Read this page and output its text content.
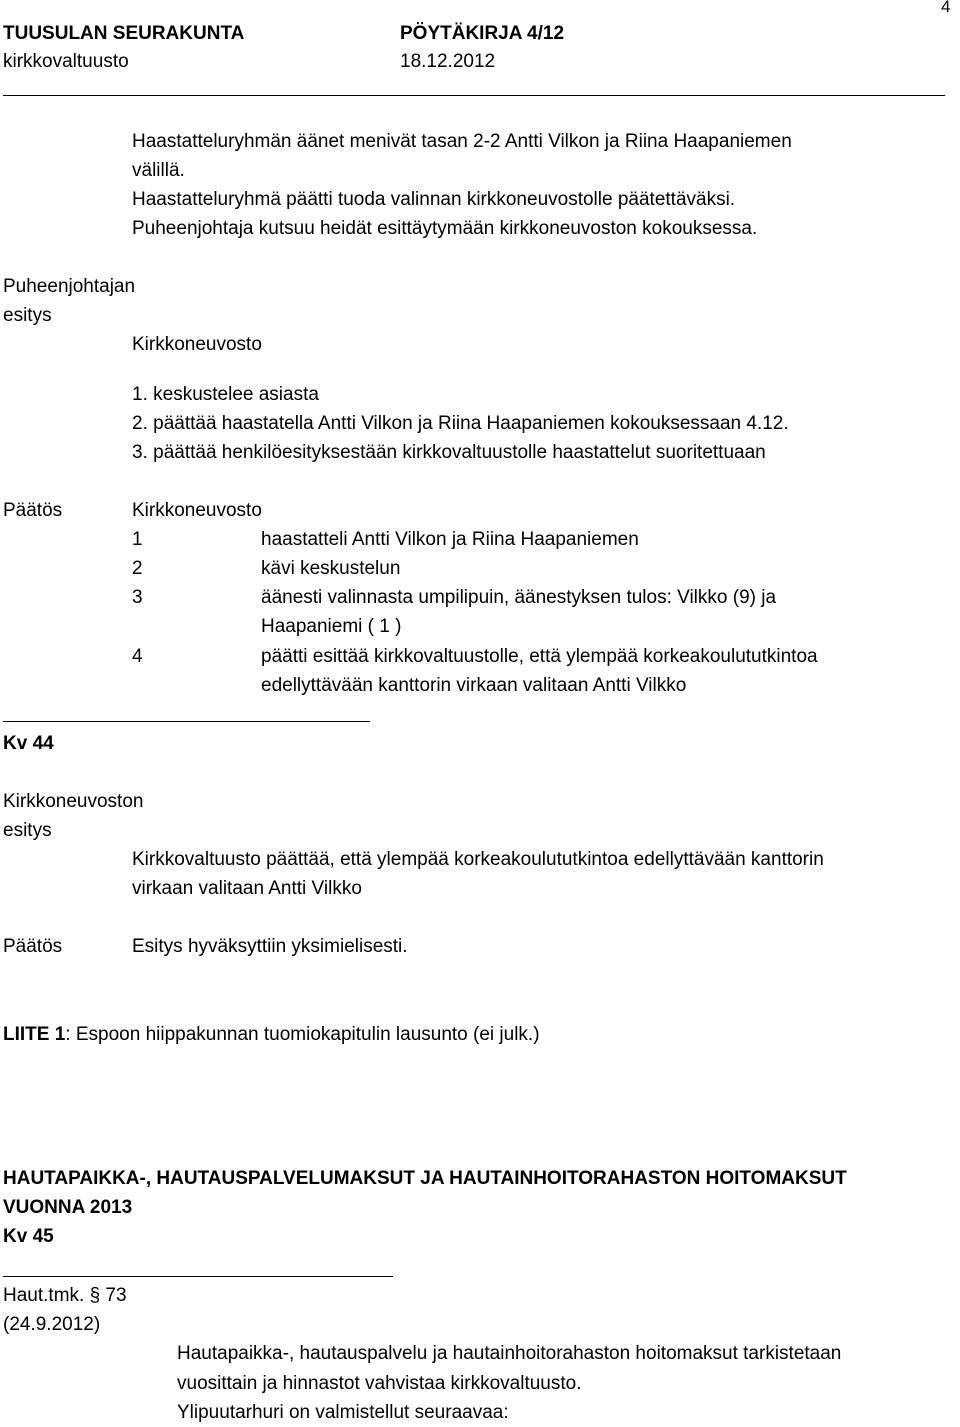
TUUSULAN SEURAKUNTA	PÖYTÄKIRJA 4/12
kirkkovaltuusto	18.12.2012
4
Haastatteluryhmän äänet menivät tasan 2-2 Antti Vilkon ja Riina Haapaniemen
välillä.
Haastatteluryhmä päätti tuoda valinnan kirkkoneuvostolle päätettäväksi.
Puheenjohtaja kutsuu heidät esittäytymään kirkkoneuvoston kokouksessa.
Puheenjohtajan
esitys
Kirkkoneuvosto
1. keskustelee asiasta
2. päättää haastatella Antti Vilkon ja Riina Haapaniemen kokouksessaan 4.12.
3. päättää henkilöesityksestään kirkkovaltuustolle haastattelut suoritettuaan
Päätös	Kirkkoneuvosto
1	haastatteli Antti Vilkon ja Riina Haapaniemen
2	kävi keskustelun
3	äänesti valinnasta umpilipuin, äänestyksen tulos: Vilkko (9) ja
Haapaniemi ( 1 )
4	päätti esittää kirkkovaltuustolle, että ylempää korkeakoulututkintoa
edellyttävään kanttorin virkaan valitaan Antti Vilkko
Kv 44
Kirkkoneuvoston
esitys
Kirkkovaltuusto päättää, että ylempää korkeakoulututkintoa edellyttävään kanttorin
virkaan valitaan Antti Vilkko
Päätös	Esitys hyväksyttiin yksimielisesti.
LIITE 1: Espoon hiippakunnan tuomiokapitulin lausunto (ei julk.)
HAUTAPAIKKA-, HAUTAUSPALVELUMAKSUT JA HAUTAINHOITORAHASTON HOITOMAKSUT
VUONNA 2013
Kv 45
Haut.tmk. § 73
(24.9.2012)
Hautapaikka-, hautauspalvelu ja hautainhoitorahaston hoitomaksut tarkistetaan
vuosittain ja hinnastot vahvistaa kirkkovaltuusto.
Ylipuutarhuri on valmistellut seuraavaa:
